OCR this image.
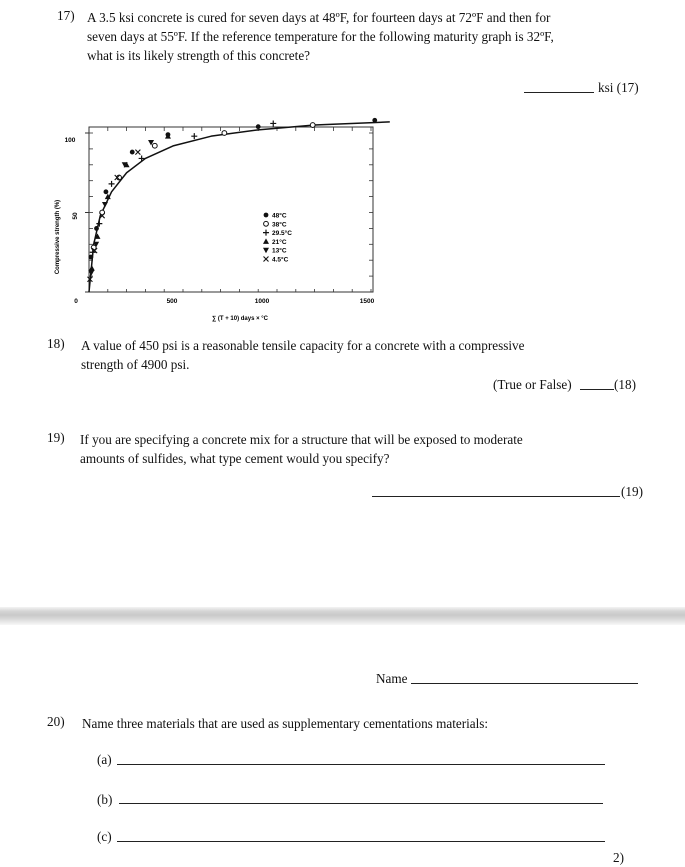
17) A 3.5 ksi concrete is cured for seven days at 48ºF, for fourteen days at 72ºF and then for
seven days at 55ºF. If the reference temperature for the following maturity graph is 32ºF,
what is its likely strength of this concrete?
ksi (17)
Compressive strength (%)
100
50
0	500	1000	1500
∑ (T + 10) days × °C
48°C
38°C
29.5°C
21°C
13°C
4.5°C
18) A value of 450 psi is a reasonable tensile capacity for a concrete with a compressive
strength of 4900 psi.
(True or False)	(18)
19) If you are specifying a concrete mix for a structure that will be exposed to moderate
amounts of sulfides, what type cement would you specify?
(19)
Name
20) Name three materials that are used as supplementary cementations materials:
(a)
(b)
(c)
2)
